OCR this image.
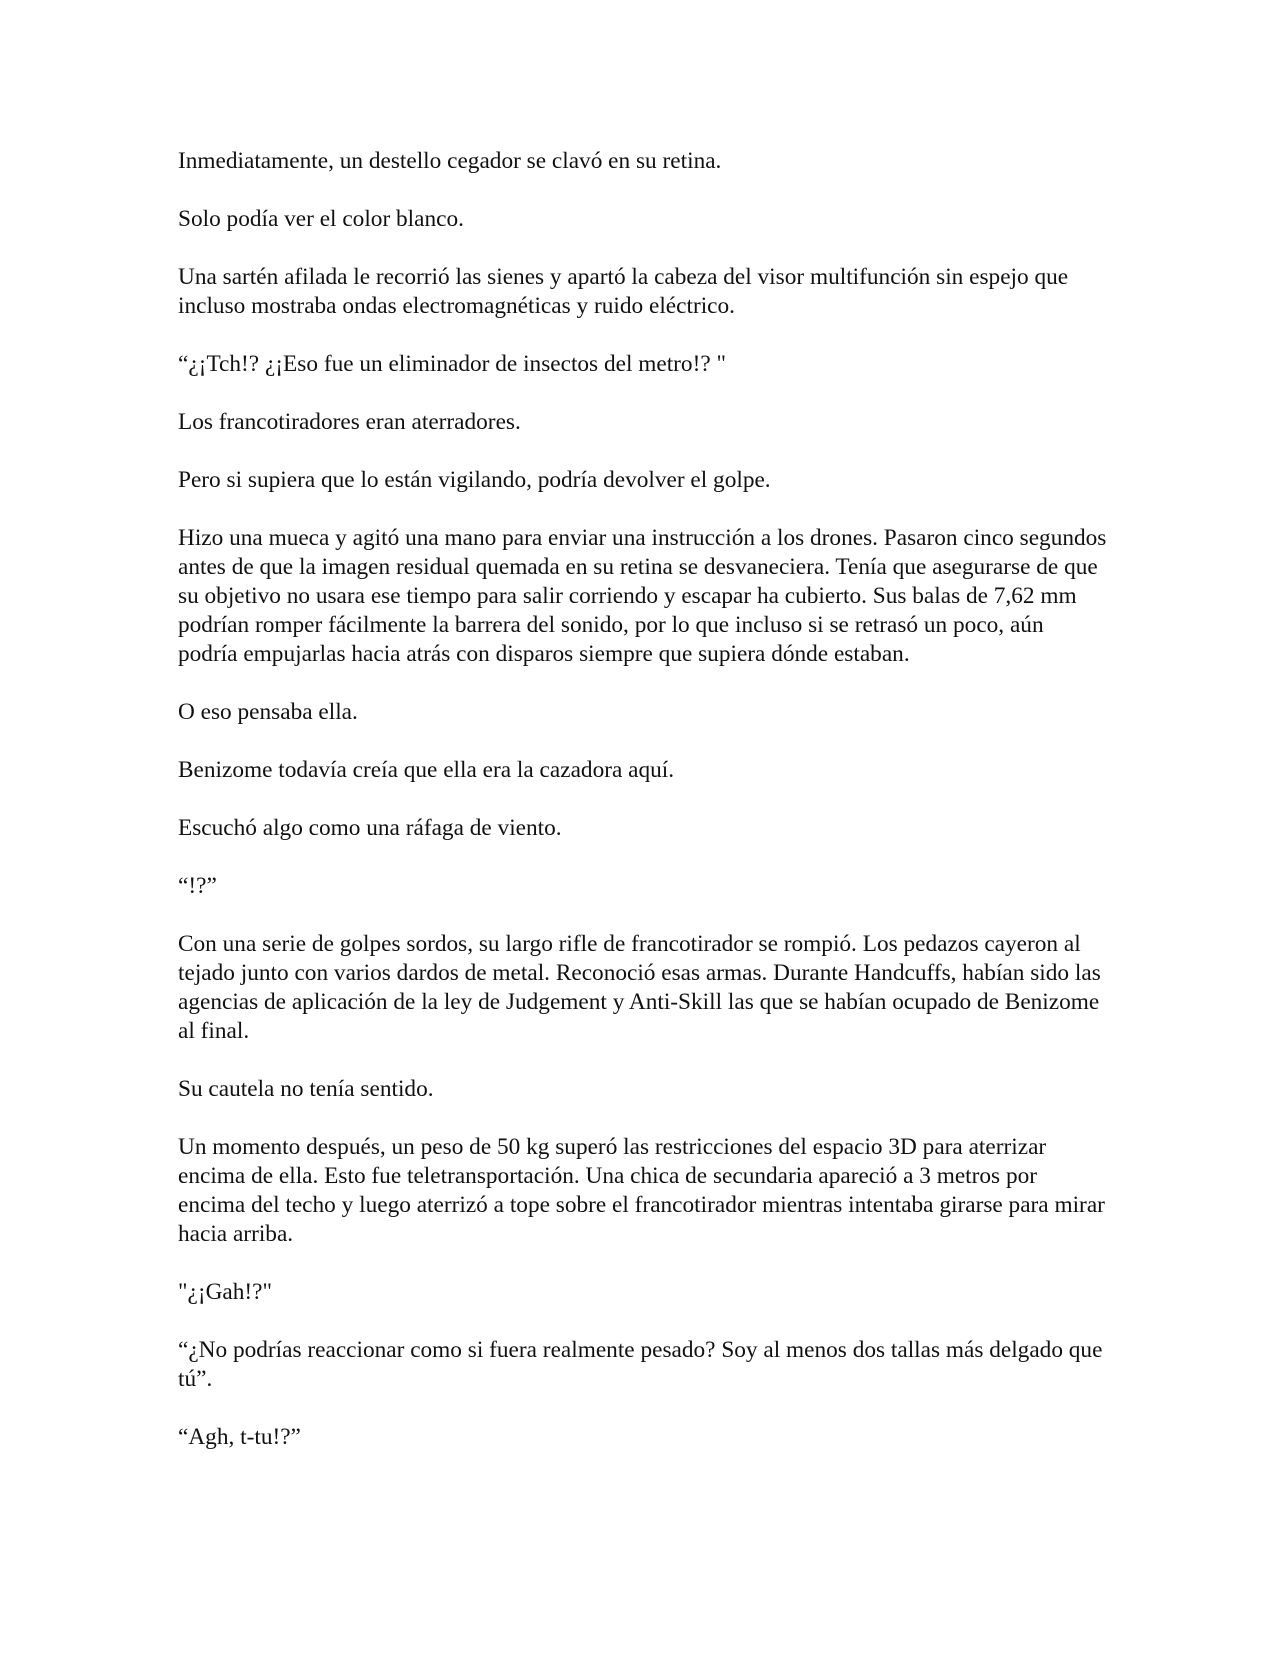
Inmediatamente, un destello cegador se clavó en su retina.

Solo podía ver el color blanco.

Una sartén afilada le recorrió las sienes y apartó la cabeza del visor multifunción sin espejo que incluso mostraba ondas electromagnéticas y ruido eléctrico.

“¿¡Tch!? ¿¡Eso fue un eliminador de insectos del metro!? "

Los francotiradores eran aterradores.

Pero si supiera que lo están vigilando, podría devolver el golpe.

Hizo una mueca y agitó una mano para enviar una instrucción a los drones. Pasaron cinco segundos antes de que la imagen residual quemada en su retina se desvaneciera. Tenía que asegurarse de que su objetivo no usara ese tiempo para salir corriendo y escapar ha cubierto. Sus balas de 7,62 mm podrían romper fácilmente la barrera del sonido, por lo que incluso si se retrasó un poco, aún podría empujarlas hacia atrás con disparos siempre que supiera dónde estaban.

O eso pensaba ella.

Benizome todavía creía que ella era la cazadora aquí.

Escuchó algo como una ráfaga de viento.

“!?”

Con una serie de golpes sordos, su largo rifle de francotirador se rompió. Los pedazos cayeron al tejado junto con varios dardos de metal. Reconoció esas armas. Durante Handcuffs, habían sido las agencias de aplicación de la ley de Judgement y Anti-Skill las que se habían ocupado de Benizome al final.

Su cautela no tenía sentido.

Un momento después, un peso de 50 kg superó las restricciones del espacio 3D para aterrizar encima de ella. Esto fue teletransportación. Una chica de secundaria apareció a 3 metros por encima del techo y luego aterrizó a tope sobre el francotirador mientras intentaba girarse para mirar hacia arriba.

"¿¡Gah!?"

“¿No podrías reaccionar como si fuera realmente pesado? Soy al menos dos tallas más delgado que tú”.

“Agh, t-tu!?”
